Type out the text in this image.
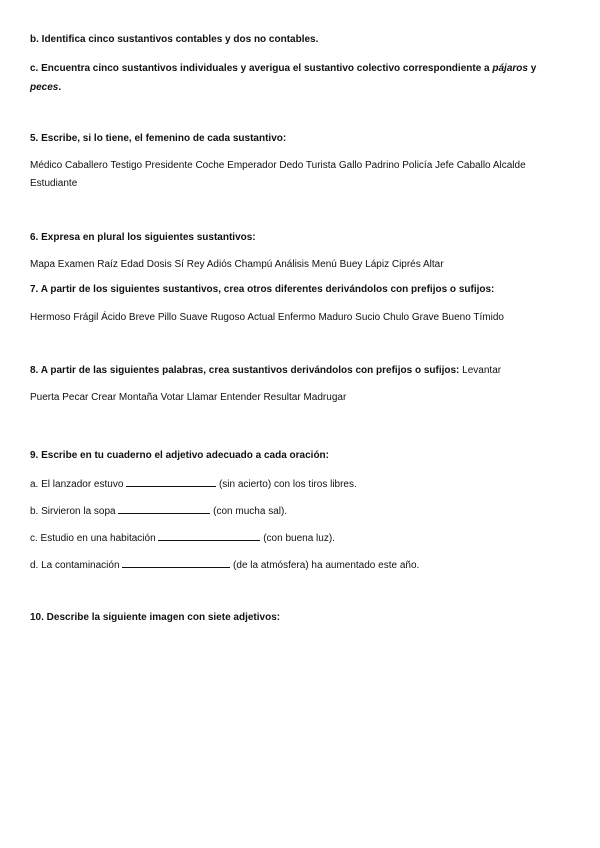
b. Identifica cinco sustantivos contables y dos no contables.
c. Encuentra cinco sustantivos individuales y averigua el sustantivo colectivo correspondiente a pájaros y peces.
5. Escribe, si lo tiene, el femenino de cada sustantivo:
Médico Caballero Testigo Presidente Coche Emperador Dedo Turista Gallo Padrino Policía Jefe Caballo Alcalde
Estudiante
6. Expresa en plural los siguientes sustantivos:
Mapa Examen Raíz Edad Dosis Sí Rey Adiós Champú Análisis Menú Buey Lápiz Ciprés Altar
7. A partir de los siguientes sustantivos, crea otros diferentes derivándolos con prefijos o sufijos:
Hermoso Frágil Ácido Breve Pillo Suave Rugoso Actual Enfermo Maduro Sucio Chulo Grave Bueno Tímido
8. A partir de las siguientes palabras, crea sustantivos derivándolos con prefijos o sufijos: Levantar
Puerta Pecar Crear Montaña Votar Llamar Entender Resultar Madrugar
9. Escribe en tu cuaderno el adjetivo adecuado a cada oración:
a. El lanzador estuvo	(sin acierto) con los tiros libres.
b. Sirvieron la sopa	(con mucha sal).
c. Estudio en una habitación	(con buena luz).
d. La contaminación	(de la atmósfera) ha aumentado este año.
10. Describe la siguiente imagen con siete adjetivos:
